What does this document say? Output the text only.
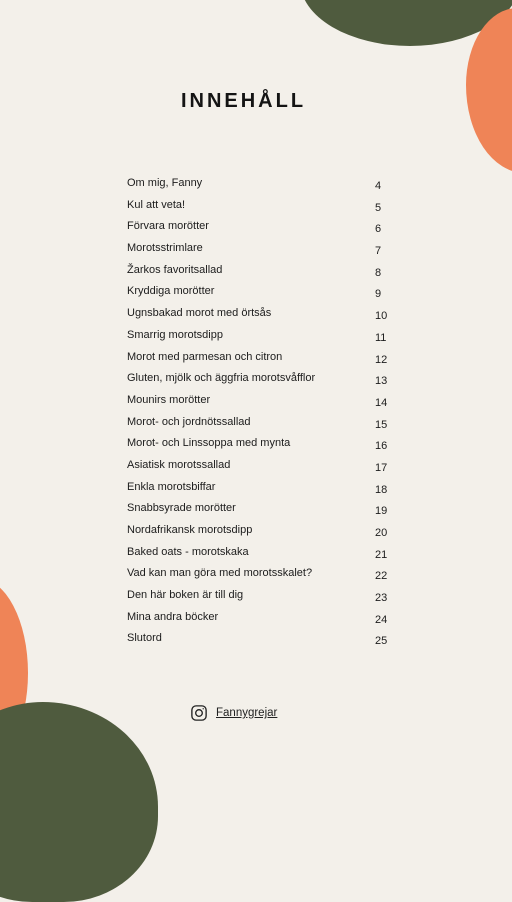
INNEHÅLL
Om mig, Fanny	4
Kul att veta!	5
Förvara morötter	6
Morotsstrimlare	7
Žarkos favoritsallad	8
Kryddiga morötter	9
Ugnsbakad morot med örtsås	10
Smarrig morotsdipp	11
Morot med parmesan och citron	12
Gluten, mjölk och äggfria morotsvåfflor	13
Mounirs morötter	14
Morot- och jordnötssallad	15
Morot- och Linssoppa med mynta	16
Asiatisk morotssallad	17
Enkla morotsbiffar	18
Snabbsyrade morötter	19
Nordafrikansk morotsdipp	20
Baked oats - morotskaka	21
Vad kan man göra med morotsskalet?	22
Den här boken är till dig	23
Mina andra böcker	24
Slutord	25
Fannygrejar
